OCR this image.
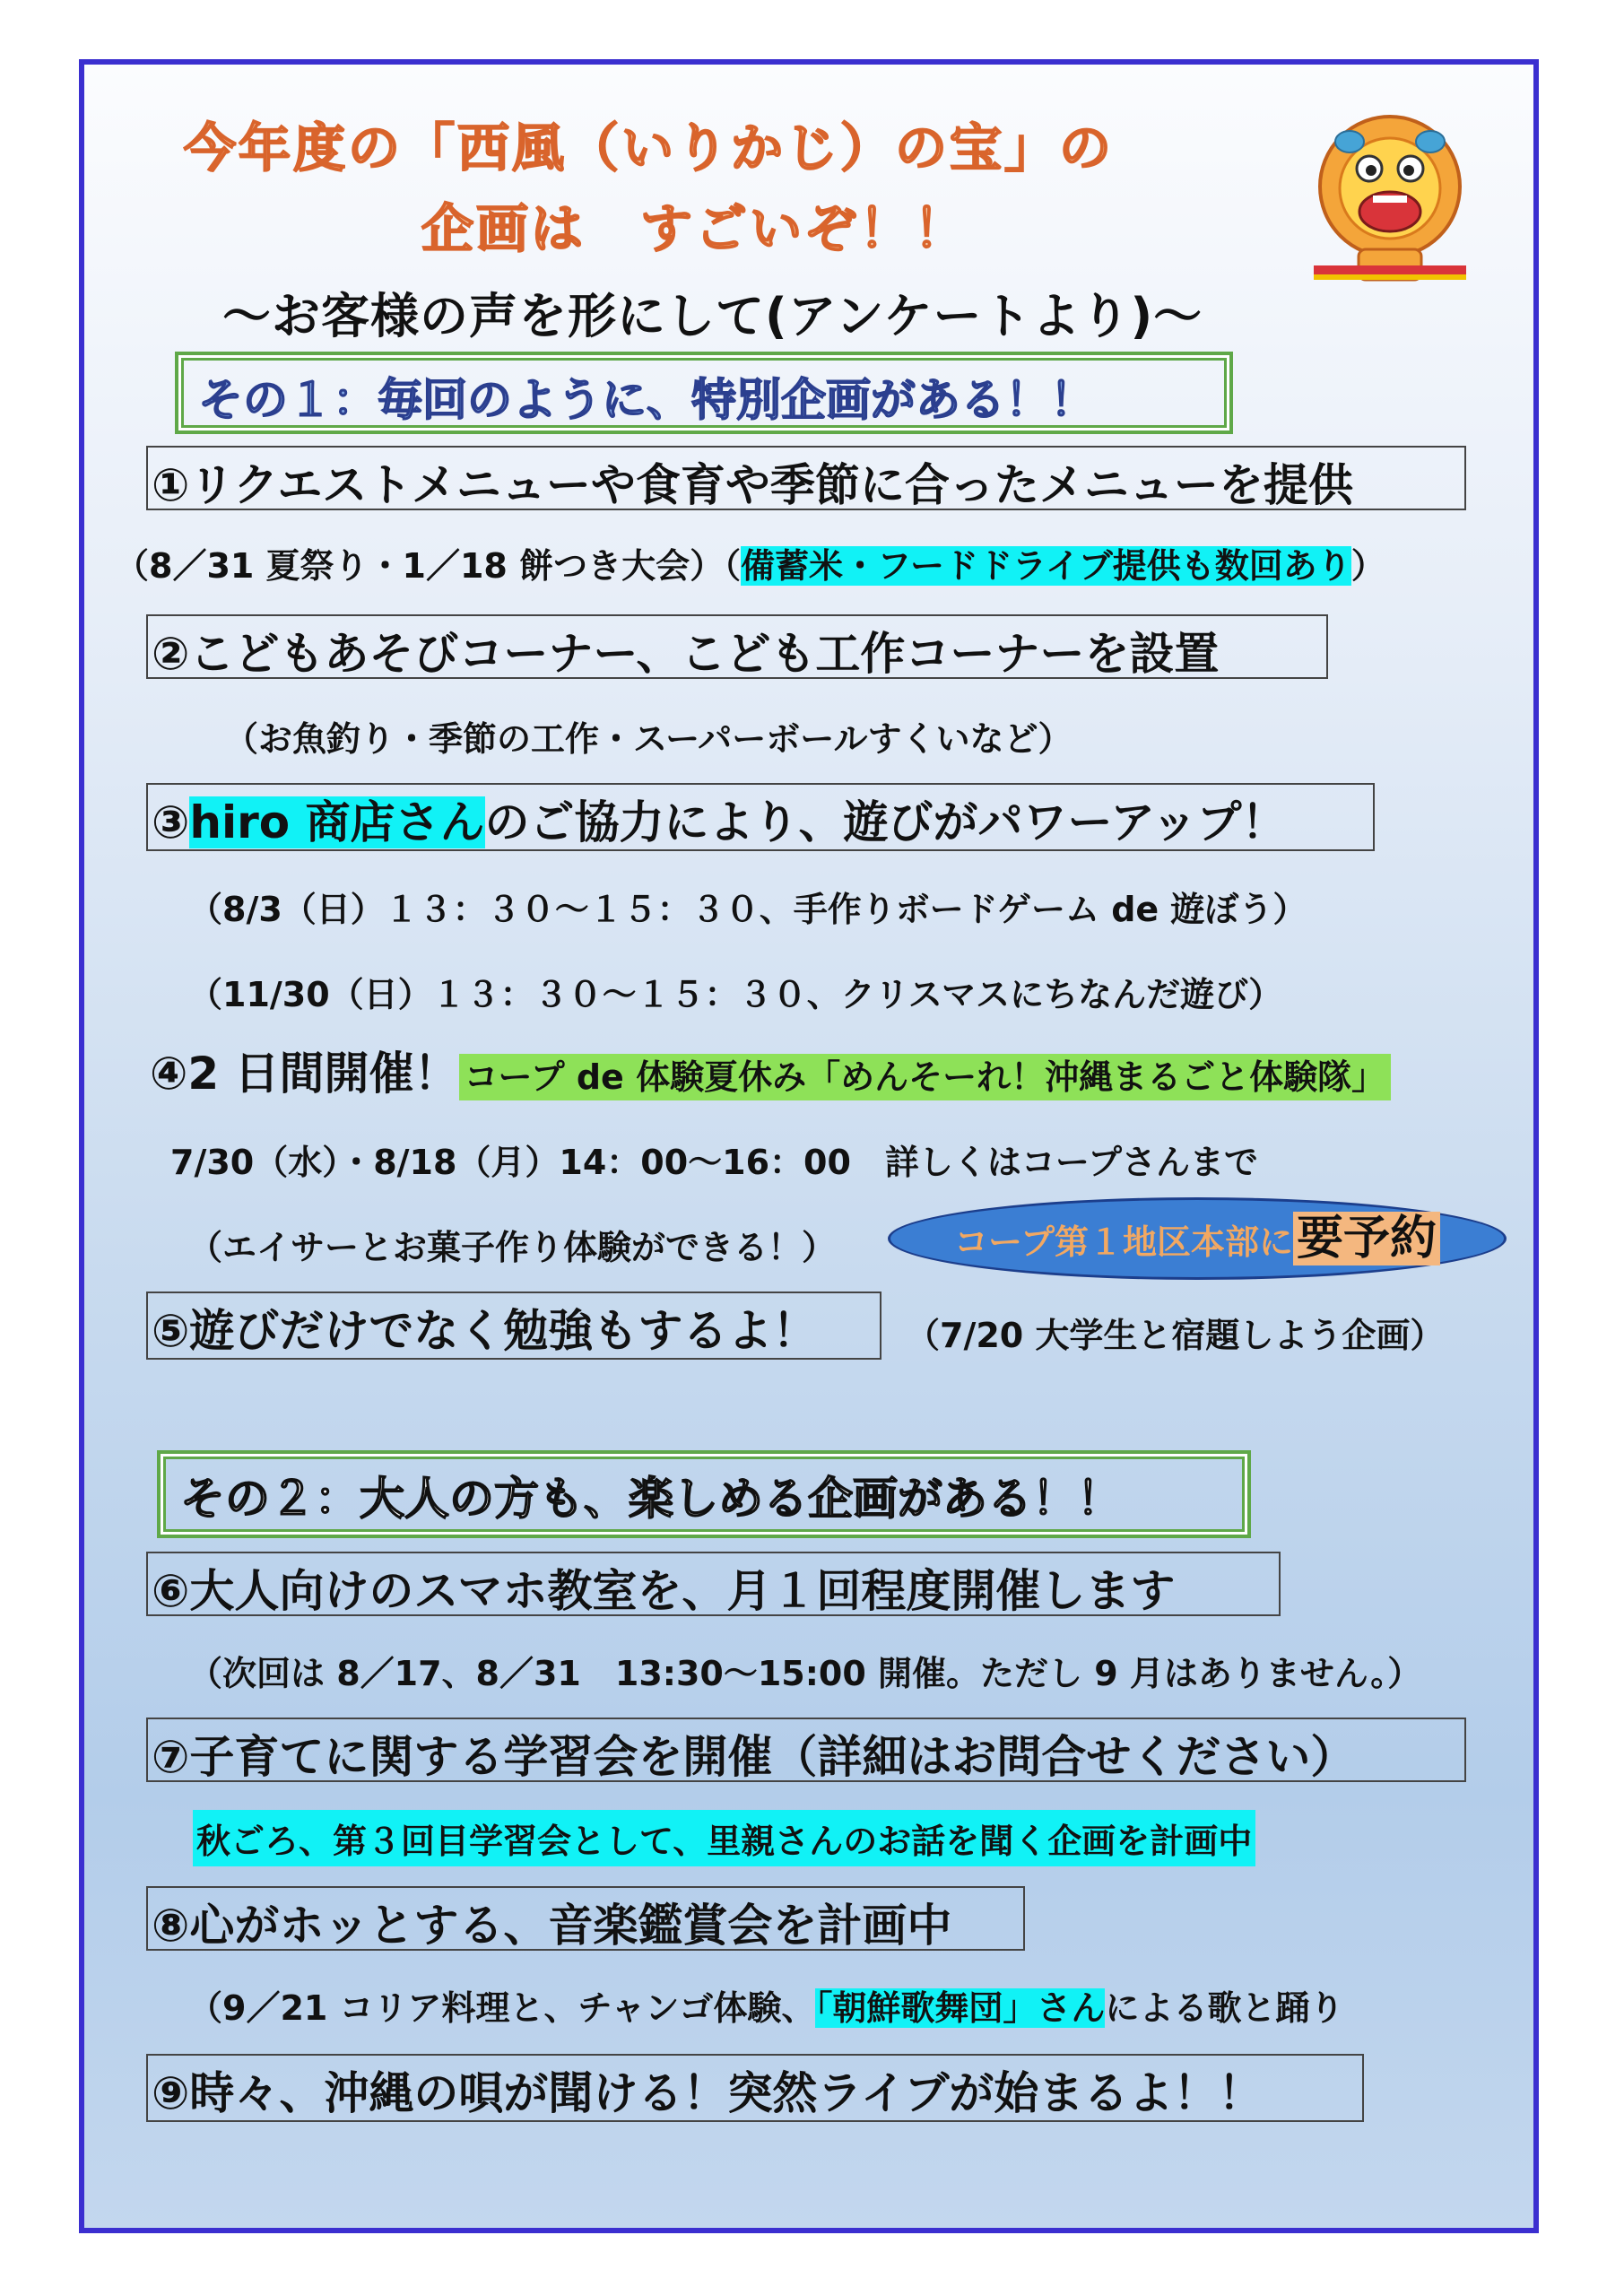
今年度の「西風（いりかじ）の宝」の
企画は　すごいぞ！！
～お客様の声を形にして(アンケートより)～
その１：毎回のように、特別企画がある！！
①リクエストメニューや食育や季節に合ったメニューを提供
（8／31 夏祭り・1／18 餅つき大会）（備蓄米・フードドライブ提供も数回あり）
②こどもあそびコーナー、こども工作コーナーを設置
（お魚釣り・季節の工作・スーパーボールすくいなど）
③hiro 商店さんのご協力により、遊びがパワーアップ！
（8/3（日）１３：３０～１５：３０、手作りボードゲーム de 遊ぼう）
（11/30（日）１３：３０～１５：３０、クリスマスにちなんだ遊び）
④2 日間開催！ コープ de 体験夏休み「めんそーれ！沖縄まるごと体験隊」
7/30（水）・8/18（月）14：00～16：00　詳しくはコープさんまで
（エイサーとお菓子作り体験ができる！）	コープ第１地区本部に要予約
⑤遊びだけでなく勉強もするよ！	（7/20 大学生と宿題しよう企画）
その２：大人の方も、楽しめる企画がある！！
⑥大人向けのスマホ教室を、月１回程度開催します
（次回は 8／17、8／31　13:30～15:00 開催。ただし 9 月はありません。）
⑦子育てに関する学習会を開催（詳細はお問合せください）
秋ごろ、第３回目学習会として、里親さんのお話を聞く企画を計画中
⑧心がホッとする、音楽鑑賞会を計画中
（9／21 コリア料理と、チャンゴ体験、「朝鮮歌舞団」さんによる歌と踊り
⑨時々、沖縄の唄が聞ける！突然ライブが始まるよ！！
